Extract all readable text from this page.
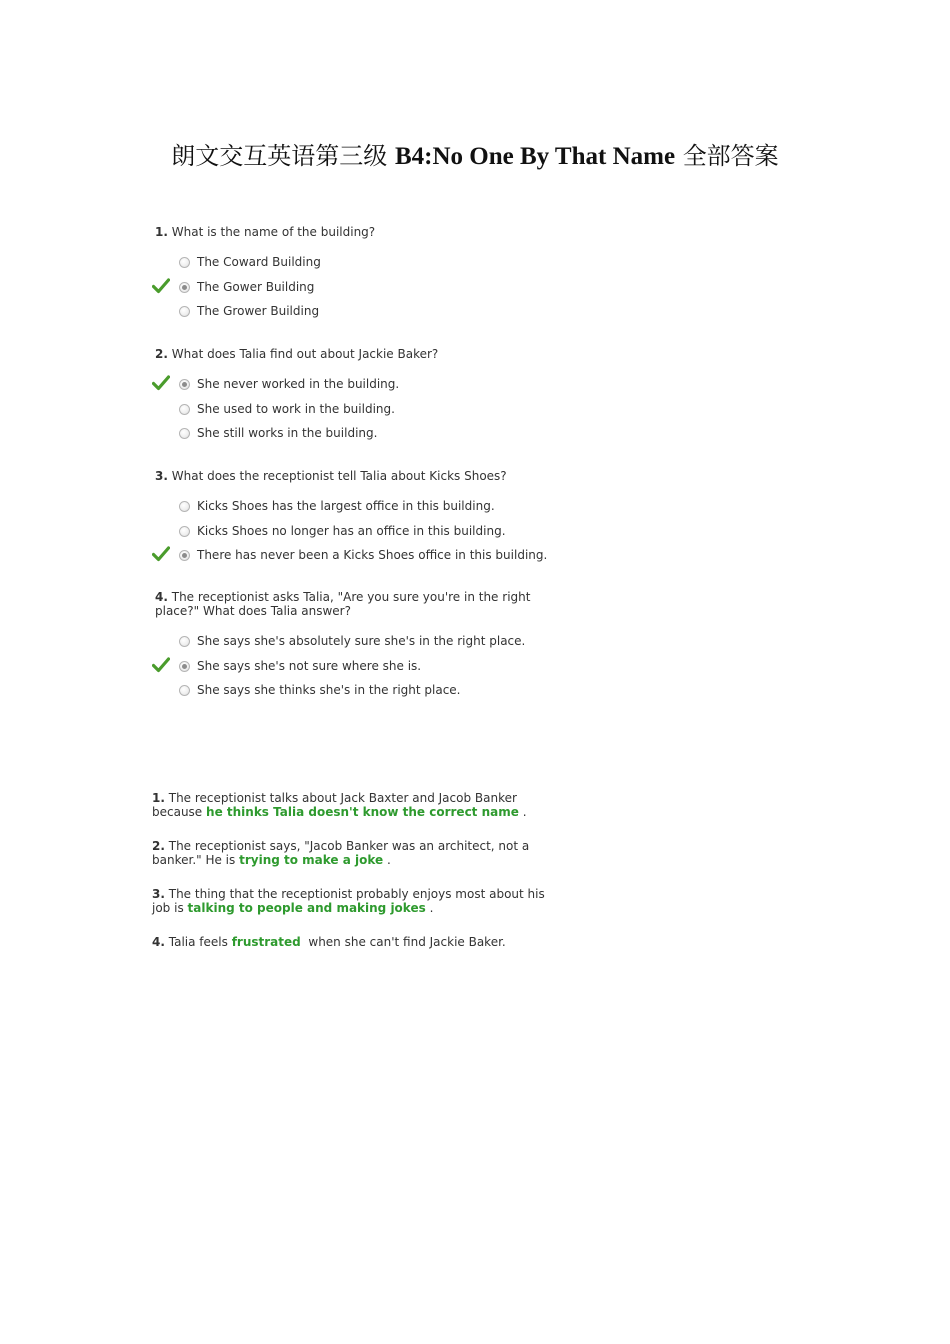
朗文交互英语第三级 B4:No One By That Name 全部答案
1. What is the name of the building?
The Coward Building
The Gower Building
The Grower Building
2. What does Talia find out about Jackie Baker?
She never worked in the building.
She used to work in the building.
She still works in the building.
3. What does the receptionist tell Talia about Kicks Shoes?
Kicks Shoes has the largest office in this building.
Kicks Shoes no longer has an office in this building.
There has never been a Kicks Shoes office in this building.
4. The receptionist asks Talia, "Are you sure you're in the right
place?" What does Talia answer?
She says she's absolutely sure she's in the right place.
She says she's not sure where she is.
She says she thinks she's in the right place.
1. The receptionist talks about Jack Baxter and Jacob Banker
because he thinks Talia doesn't know the correct name .
2. The receptionist says, "Jacob Banker was an architect, not a
banker." He is trying to make a joke .
3. The thing that the receptionist probably enjoys most about his
job is talking to people and making jokes .
4. Talia feels frustrated  when she can't find Jackie Baker.
